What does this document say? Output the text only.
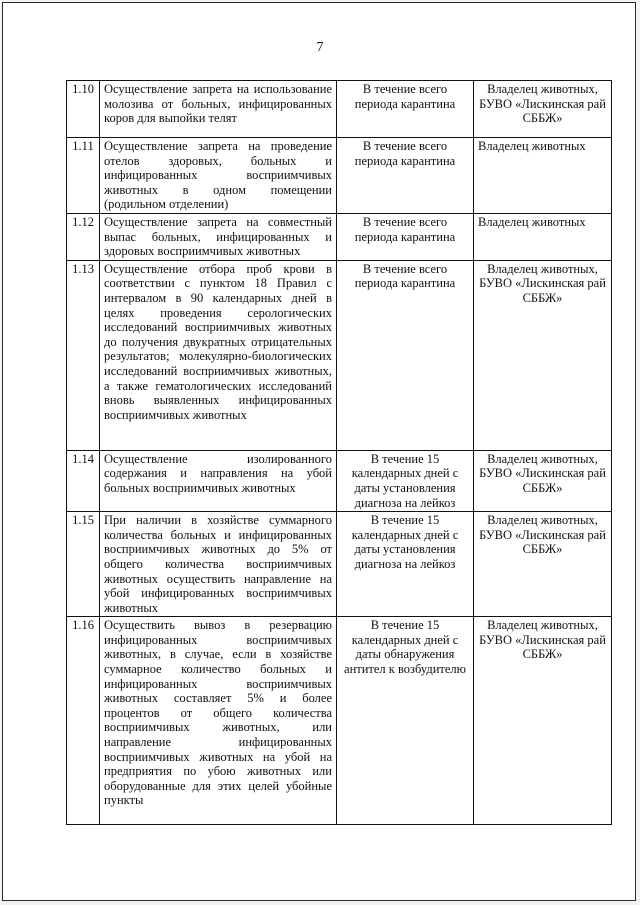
7
1.10	Осуществление запрета на использование молозива от больных, инфицированных коров для выпойки телят	В течение всего периода карантина	Владелец животных, БУВО «Лискинская рай СББЖ»
1.11	Осуществление запрета на проведение отелов здоровых, больных и инфицированных восприимчивых животных в одном помещении (родильном отделении)	В течение всего периода карантина	Владелец животных
1.12	Осуществление запрета на совместный выпас больных, инфицированных и здоровых восприимчивых животных	В течение всего периода карантина	Владелец животных
1.13	Осуществление отбора проб крови в соответствии с пунктом 18 Правил с интервалом в 90 календарных дней в целях проведения серологических исследований восприимчивых животных до получения двукратных отрицательных результатов; молекулярно-биологических исследований восприимчивых животных, а также гематологических исследований вновь выявленных инфицированных восприимчивых животных	В течение всего периода карантина	Владелец животных, БУВО «Лискинская рай СББЖ»
1.14	Осуществление изолированного содержания и направления на убой больных восприимчивых животных	В течение 15 календарных дней с даты установления диагноза на лейкоз	Владелец животных, БУВО «Лискинская рай СББЖ»
1.15	При наличии в хозяйстве суммарного количества больных и инфицированных восприимчивых животных до 5% от общего количества восприимчивых животных осуществить направление на убой инфицированных восприимчивых животных	В течение 15 календарных дней с даты установления диагноза на лейкоз	Владелец животных, БУВО «Лискинская рай СББЖ»
1.16	Осуществить вывоз в резервацию инфицированных восприимчивых животных, в случае, если в хозяйстве суммарное количество больных и инфицированных восприимчивых животных составляет 5% и более процентов от общего количества восприимчивых животных, или направление инфицированных восприимчивых животных на убой на предприятия по убою животных или оборудованные для этих целей убойные пункты	В течение 15 календарных дней с даты обнаружения антител к возбудителю	Владелец животных, БУВО «Лискинская рай СББЖ»
